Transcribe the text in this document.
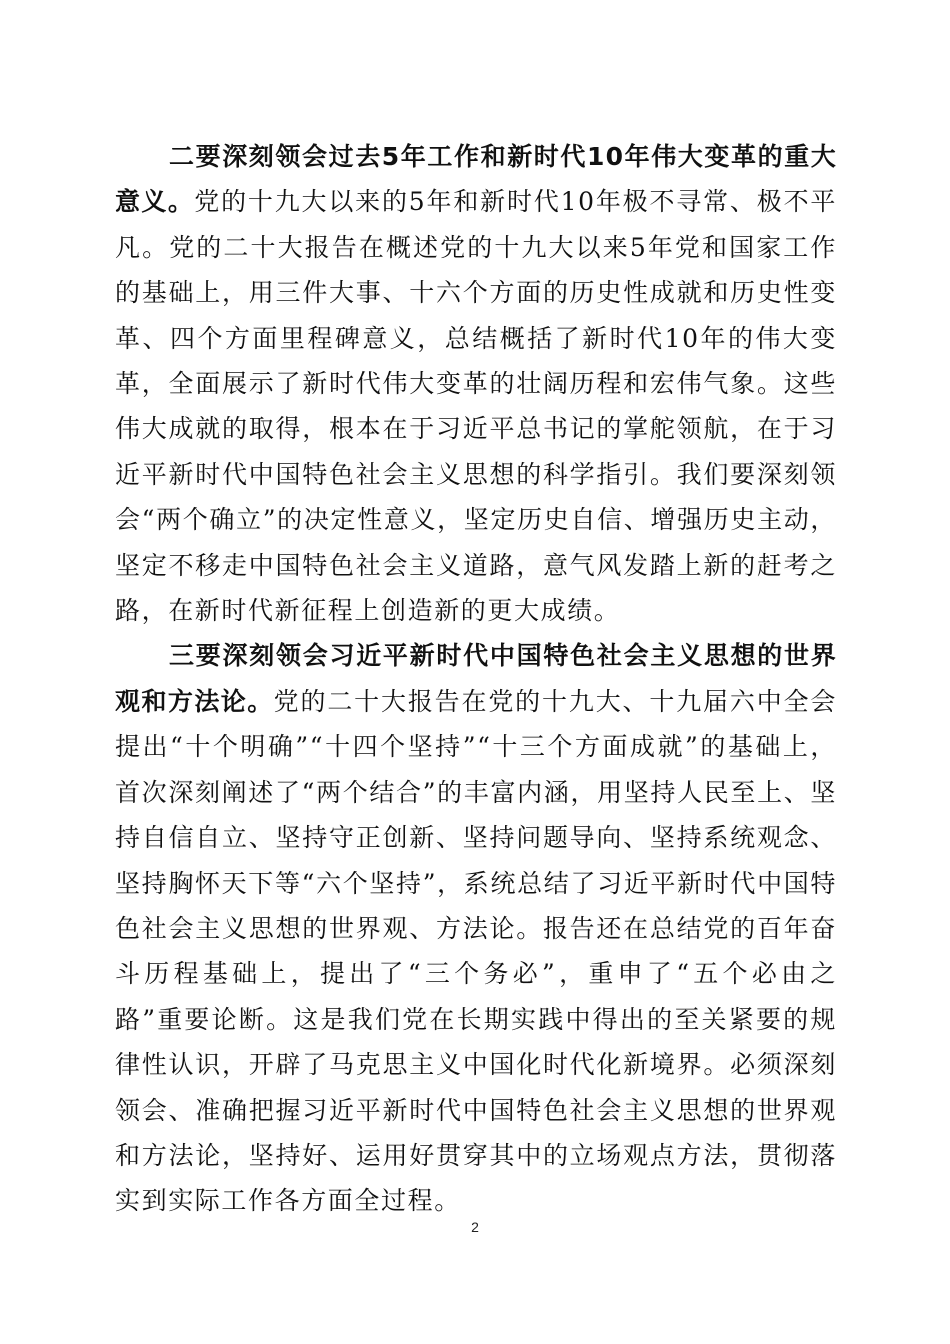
二要深刻领会过去5年工作和新时代10年伟大变革的重大意义。党的十九大以来的5年和新时代10年极不寻常、极不平凡。党的二十大报告在概述党的十九大以来5年党和国家工作的基础上，用三件大事、十六个方面的历史性成就和历史性变革、四个方面里程碑意义，总结概括了新时代10年的伟大变革，全面展示了新时代伟大变革的壮阔历程和宏伟气象。这些伟大成就的取得，根本在于习近平总书记的掌舵领航，在于习近平新时代中国特色社会主义思想的科学指引。我们要深刻领会“两个确立”的决定性意义，坚定历史自信、增强历史主动，坚定不移走中国特色社会主义道路，意气风发踏上新的赶考之路，在新时代新征程上创造新的更大成绩。

三要深刻领会习近平新时代中国特色社会主义思想的世界观和方法论。党的二十大报告在党的十九大、十九届六中全会提出“十个明确”“十四个坚持”“十三个方面成就”的基础上，首次深刻阐述了“两个结合”的丰富内涵，用坚持人民至上、坚持自信自立、坚持守正创新、坚持问题导向、坚持系统观念、坚持胸怀天下等“六个坚持”，系统总结了习近平新时代中国特色社会主义思想的世界观、方法论。报告还在总结党的百年奋斗历程基础上，提出了“三个务必”，重申了“五个必由之路”重要论断。这是我们党在长期实践中得出的至关紧要的规律性认识，开辟了马克思主义中国化时代化新境界。必须深刻领会、准确把握习近平新时代中国特色社会主义思想的世界观和方法论，坚持好、运用好贯穿其中的立场观点方法，贯彻落实到实际工作各方面全过程。

2
